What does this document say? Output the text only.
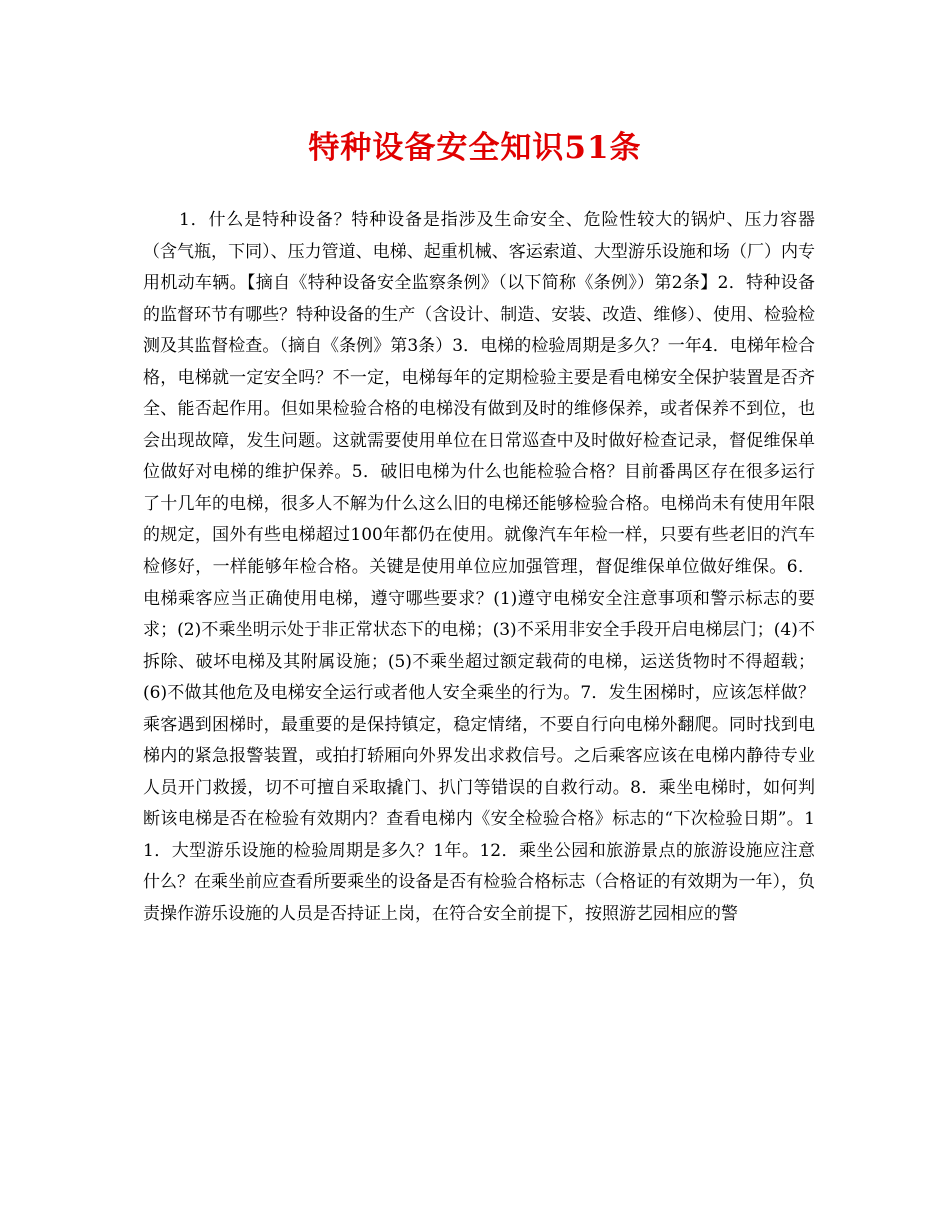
特种设备安全知识51条

1．什么是特种设备？特种设备是指涉及生命安全、危险性较大的锅炉、压力容器（含气瓶，下同）、压力管道、电梯、起重机械、客运索道、大型游乐设施和场（厂）内专用机动车辆。【摘自《特种设备安全监察条例》（以下简称《条例》）第2条】2．特种设备的监督环节有哪些？特种设备的生产（含设计、制造、安装、改造、维修）、使用、检验检测及其监督检查。（摘自《条例》第3条）3．电梯的检验周期是多久？一年4．电梯年检合格，电梯就一定安全吗？不一定，电梯每年的定期检验主要是看电梯安全保护装置是否齐全、能否起作用。但如果检验合格的电梯没有做到及时的维修保养，或者保养不到位，也会出现故障，发生问题。这就需要使用单位在日常巡查中及时做好检查记录，督促维保单位做好对电梯的维护保养。5．破旧电梯为什么也能检验合格？目前番禺区存在很多运行了十几年的电梯，很多人不解为什么这么旧的电梯还能够检验合格。电梯尚未有使用年限的规定，国外有些电梯超过100年都仍在使用。就像汽车年检一样，只要有些老旧的汽车检修好，一样能够年检合格。关键是使用单位应加强管理，督促维保单位做好维保。6．电梯乘客应当正确使用电梯，遵守哪些要求？(1)遵守电梯安全注意事项和警示标志的要求；(2)不乘坐明示处于非正常状态下的电梯；(3)不采用非安全手段开启电梯层门；(4)不拆除、破坏电梯及其附属设施；(5)不乘坐超过额定载荷的电梯，运送货物时不得超载；(6)不做其他危及电梯安全运行或者他人安全乘坐的行为。7．发生困梯时，应该怎样做？乘客遇到困梯时，最重要的是保持镇定，稳定情绪，不要自行向电梯外翻爬。同时找到电梯内的紧急报警装置，或拍打轿厢向外界发出求救信号。之后乘客应该在电梯内静待专业人员开门救援，切不可擅自采取撬门、扒门等错误的自救行动。8．乘坐电梯时，如何判断该电梯是否在检验有效期内？查看电梯内《安全检验合格》标志的“下次检验日期”。11．大型游乐设施的检验周期是多久？1年。12．乘坐公园和旅游景点的旅游设施应注意什么？在乘坐前应查看所要乘坐的设备是否有检验合格标志（合格证的有效期为一年），负责操作游乐设施的人员是否持证上岗，在符合安全前提下，按照游艺园相应的警
